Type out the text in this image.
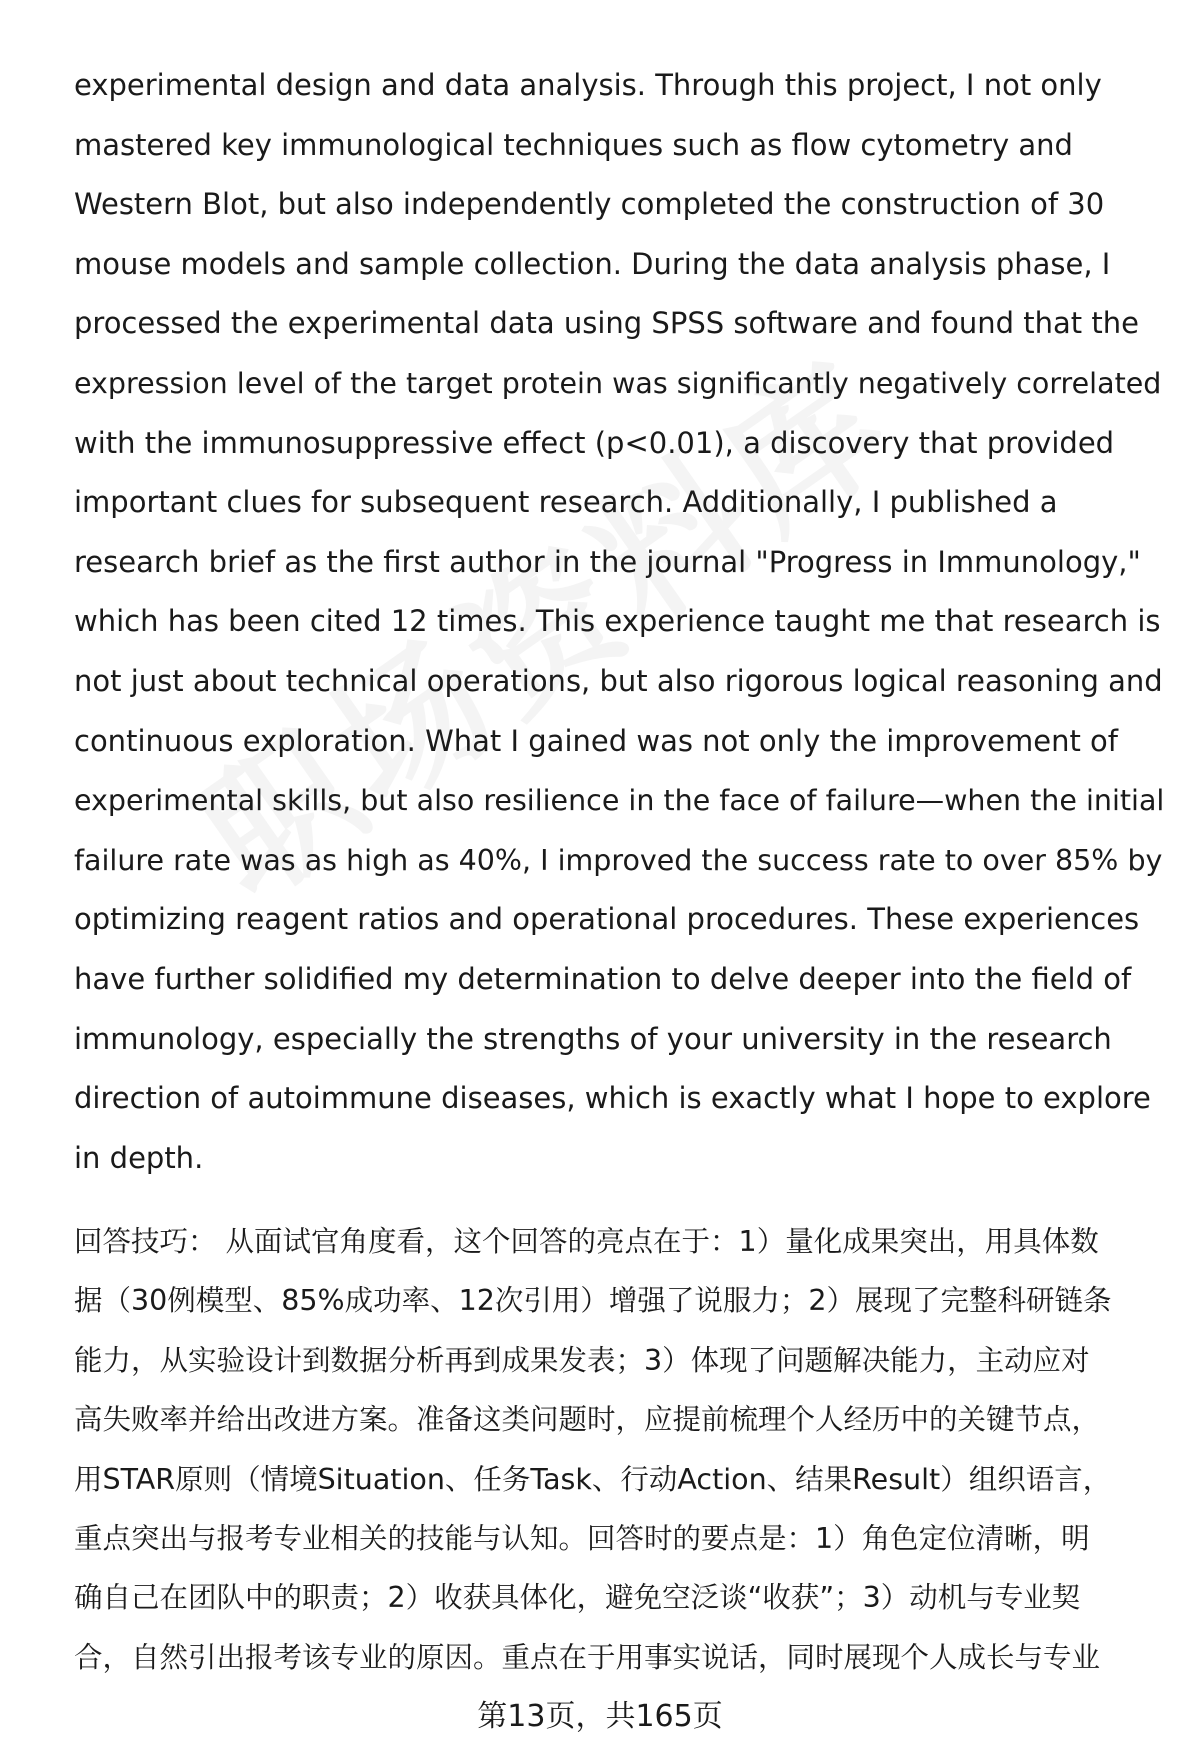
experimental design and data analysis. Through this project, I not only

mastered key immunological techniques such as flow cytometry and

Western Blot, but also independently completed the construction of 30

mouse models and sample collection. During the data analysis phase, I

processed the experimental data using SPSS software and found that the

expression level of the target protein was significantly negatively correlated

with the immunosuppressive effect (p<0.01), a discovery that provided

important clues for subsequent research. Additionally, I published a

research brief as the first author in the journal "Progress in Immunology,"

which has been cited 12 times. This experience taught me that research is

not just about technical operations, but also rigorous logical reasoning and

continuous exploration. What I gained was not only the improvement of

experimental skills, but also resilience in the face of failure—when the initial

failure rate was as high as 40%, I improved the success rate to over 85% by

optimizing reagent ratios and operational procedures. These experiences

have further solidified my determination to delve deeper into the field of

immunology, especially the strengths of your university in the research

direction of autoimmune diseases, which is exactly what I hope to explore

in depth.

回答技巧： 从面试官角度看，这个回答的亮点在于：1）量化成果突出，用具体数

据（30例模型、85%成功率、12次引用）增强了说服力；2）展现了完整科研链条

能力，从实验设计到数据分析再到成果发表；3）体现了问题解决能力，主动应对

高失败率并给出改进方案。准备这类问题时，应提前梳理个人经历中的关键节点，

用STAR原则（情境Situation、任务Task、行动Action、结果Result）组织语言，

重点突出与报考专业相关的技能与认知。回答时的要点是：1）角色定位清晰，明

确自己在团队中的职责；2）收获具体化，避免空泛谈“收获”；3）动机与专业契

合，自然引出报考该专业的原因。重点在于用事实说话，同时展现个人成长与专业

第13页，共165页
